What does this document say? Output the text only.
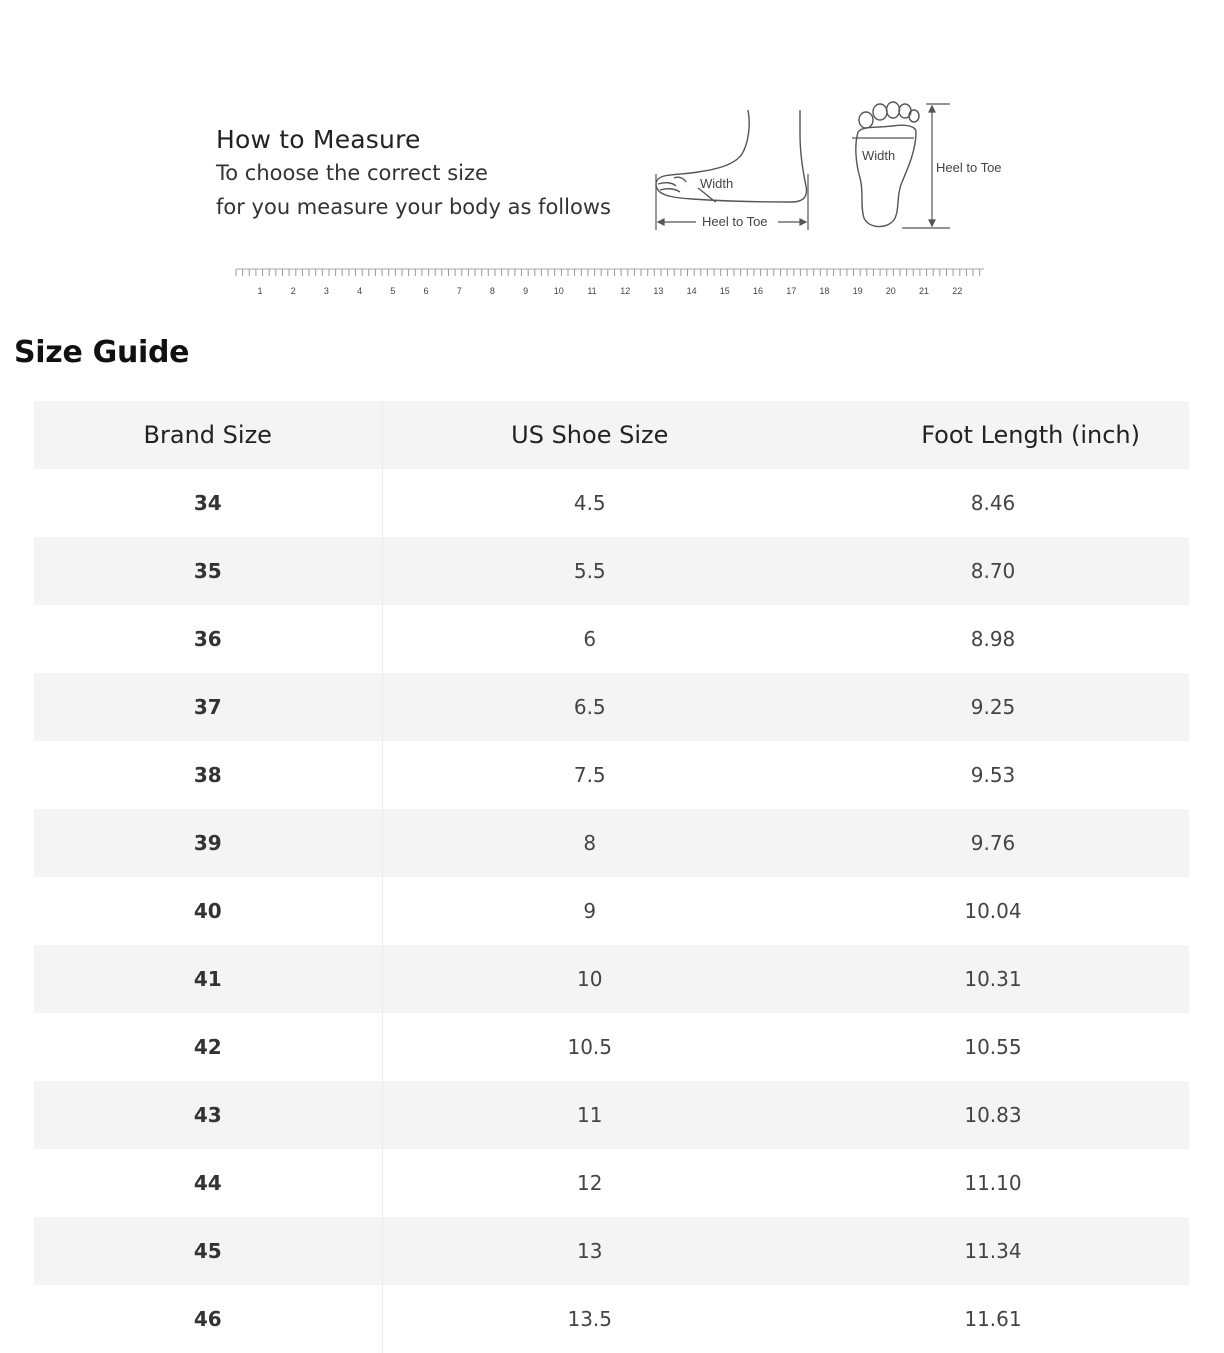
How to Measure
To choose the correct size
for you measure your body as follows
Width
Heel to Toe
Width
Heel to Toe
1	2	3	4	5	6	7	8	9	10	11	12	13	14	15	16	17	18	19	20	21	22
Size Guide
Brand Size	US Shoe Size	Foot Length (inch)
34	4.5	8.46
35	5.5	8.70
36	6	8.98
37	6.5	9.25
38	7.5	9.53
39	8	9.76
40	9	10.04
41	10	10.31
42	10.5	10.55
43	11	10.83
44	12	11.10
45	13	11.34
46	13.5	11.61
